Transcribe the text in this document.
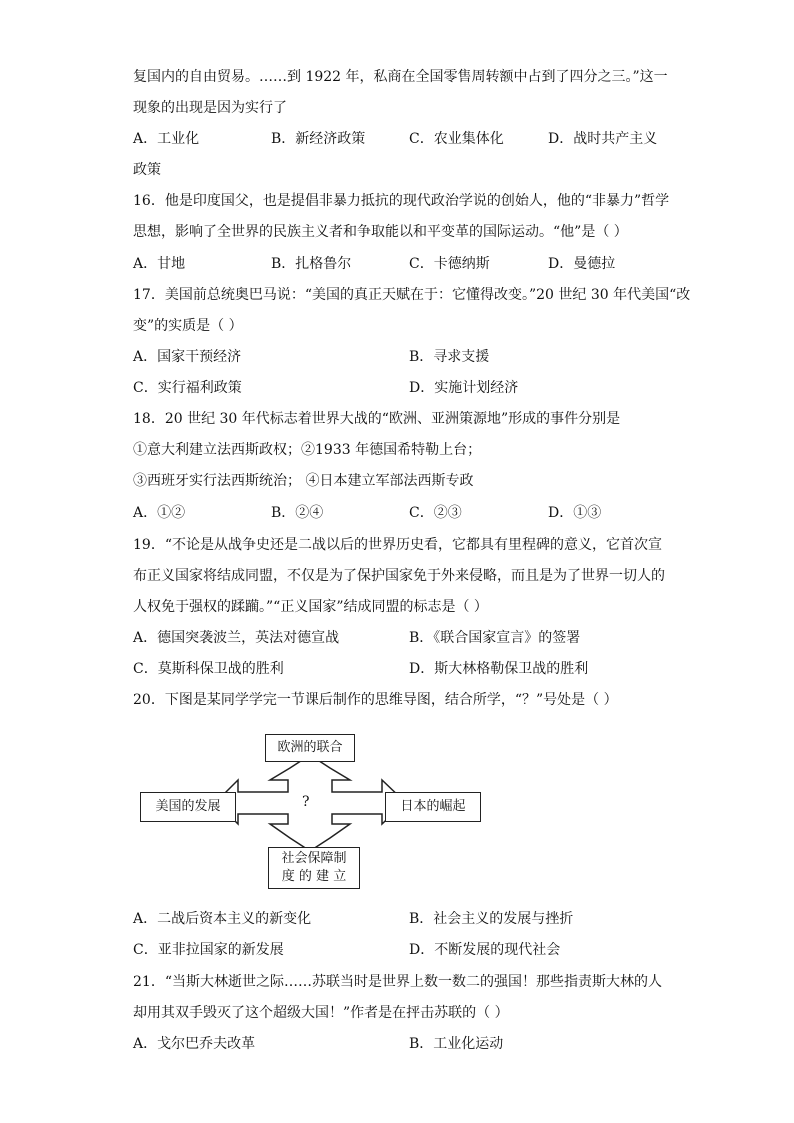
复国内的自由贸易。……到 1922 年，私商在全国零售周转额中占到了四分之三。”这一
现象的出现是因为实行了
A．工业化	B．新经济政策	C．农业集体化	D．战时共产主义
政策
16．他是印度国父，也是提倡非暴力抵抗的现代政治学说的创始人，他的“非暴力”哲学
思想，影响了全世界的民族主义者和争取能以和平变革的国际运动。“他”是（ ）
A．甘地	B．扎格鲁尔	C．卡德纳斯	D．曼德拉
17．美国前总统奥巴马说：“美国的真正天赋在于：它懂得改变。”20 世纪 30 年代美国“改
变”的实质是（ ）
A．国家干预经济	B．寻求支援
C．实行福利政策	D．实施计划经济
18．20 世纪 30 年代标志着世界大战的“欧洲、亚洲策源地”形成的事件分别是
①意大利建立法西斯政权；②1933 年德国希特勒上台；
③西班牙实行法西斯统治； ④日本建立军部法西斯专政
A．①②	B．②④	C．②③	D．①③
19．“不论是从战争史还是二战以后的世界历史看，它都具有里程碑的意义，它首次宣
布正义国家将结成同盟，不仅是为了保护国家免于外来侵略，而且是为了世界一切人的
人权免于强权的蹂躏。”“正义国家”结成同盟的标志是（ ）
A．德国突袭波兰，英法对德宣战	B．《联合国家宣言》的签署
C．莫斯科保卫战的胜利	D．斯大林格勒保卫战的胜利
20．下图是某同学学完一节课后制作的思维导图，结合所学，“？”号处是（ ）
欧洲的联合
美国的发展	日本的崛起
社会保障制
度 的 建 立
?
A．二战后资本主义的新变化	B．社会主义的发展与挫折
C．亚非拉国家的新发展	D．不断发展的现代社会
21．“当斯大林逝世之际……苏联当时是世界上数一数二的强国！那些指责斯大林的人
却用其双手毁灭了这个超级大国！”作者是在抨击苏联的（ ）
A．戈尔巴乔夫改革	B．工业化运动
